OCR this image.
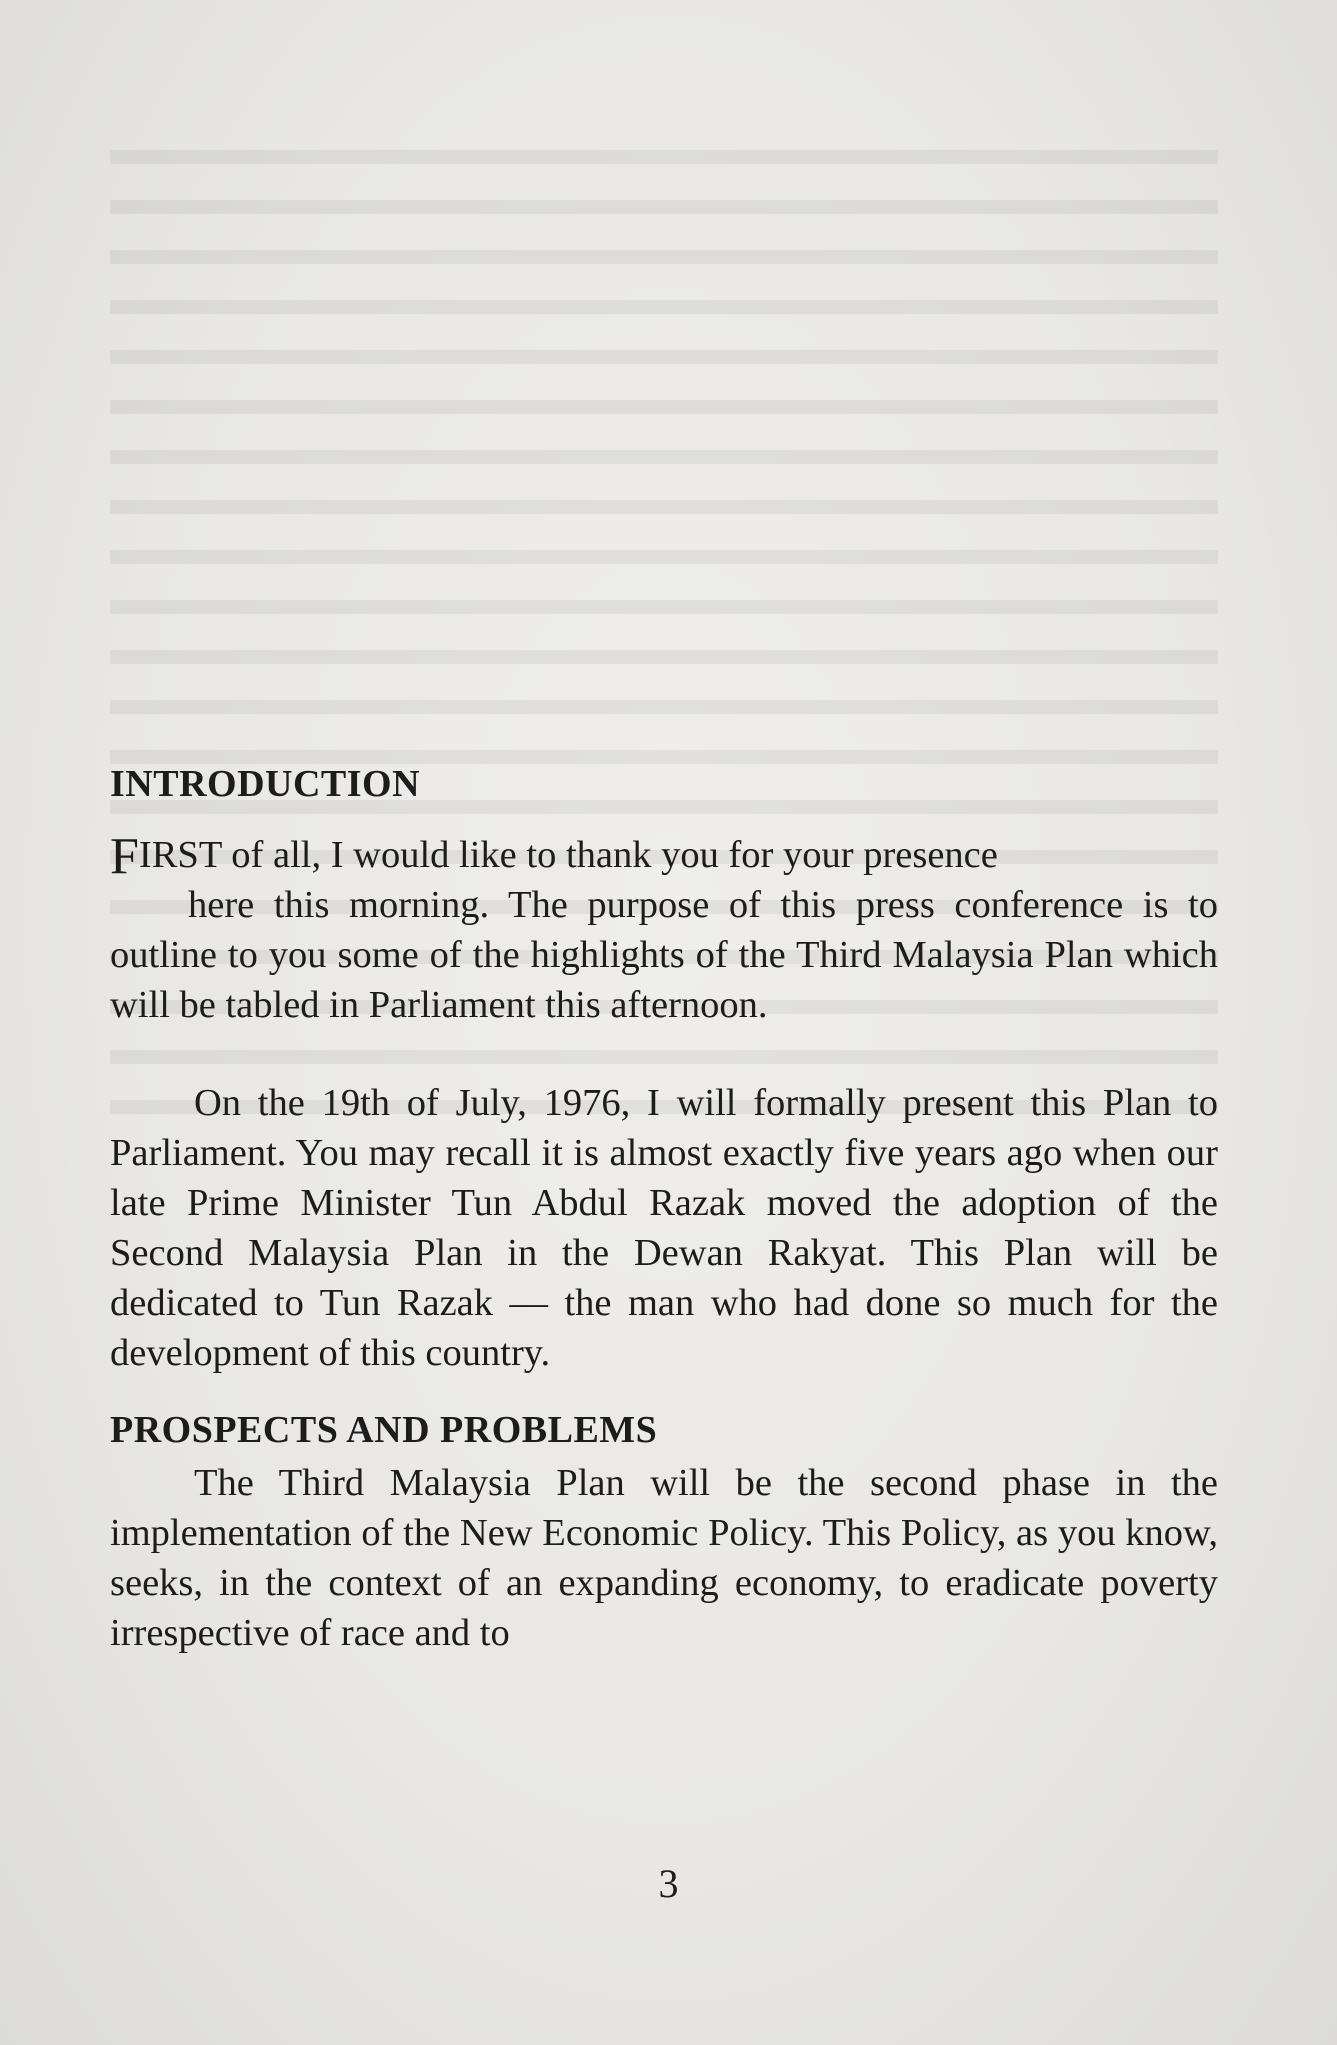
INTRODUCTION

FIRST of all, I would like to thank you for your presence
here this morning. The purpose of this press conference is to outline to you some of the highlights of the Third Malaysia Plan which will be tabled in Parliament this afternoon.

On the 19th of July, 1976, I will formally present this Plan to Parliament. You may recall it is almost exactly five years ago when our late Prime Minister Tun Abdul Razak moved the adoption of the Second Malaysia Plan in the Dewan Rakyat. This Plan will be dedicated to Tun Razak — the man who had done so much for the development of this country.

PROSPECTS AND PROBLEMS

The Third Malaysia Plan will be the second phase in the implementation of the New Economic Policy. This Policy, as you know, seeks, in the context of an expanding economy, to eradicate poverty irrespective of race and to

3
